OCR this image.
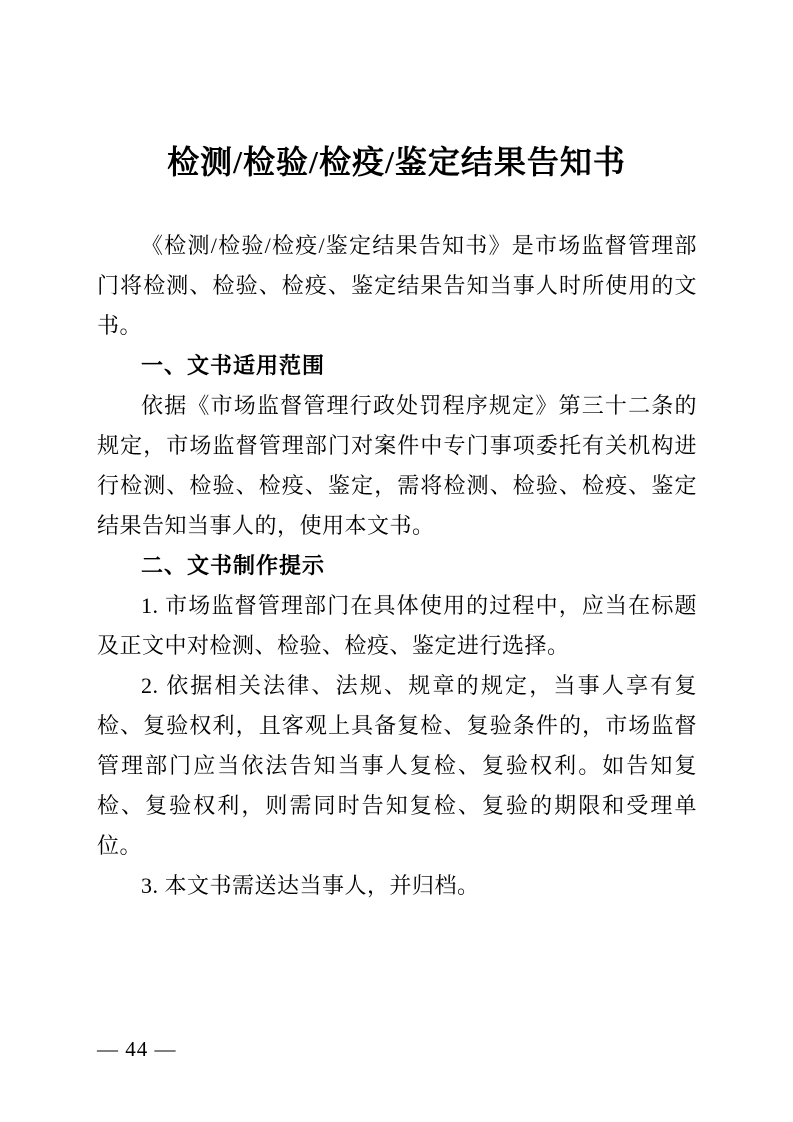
检测/检验/检疫/鉴定结果告知书

《检测/检验/检疫/鉴定结果告知书》是市场监督管理部门将检测、检验、检疫、鉴定结果告知当事人时所使用的文书。

一、文书适用范围

依据《市场监督管理行政处罚程序规定》第三十二条的规定，市场监督管理部门对案件中专门事项委托有关机构进行检测、检验、检疫、鉴定，需将检测、检验、检疫、鉴定结果告知当事人的，使用本文书。

二、文书制作提示

1. 市场监督管理部门在具体使用的过程中，应当在标题及正文中对检测、检验、检疫、鉴定进行选择。

2. 依据相关法律、法规、规章的规定，当事人享有复检、复验权利，且客观上具备复检、复验条件的，市场监督管理部门应当依法告知当事人复检、复验权利。如告知复检、复验权利，则需同时告知复检、复验的期限和受理单位。

3. 本文书需送达当事人，并归档。

— 44 —
